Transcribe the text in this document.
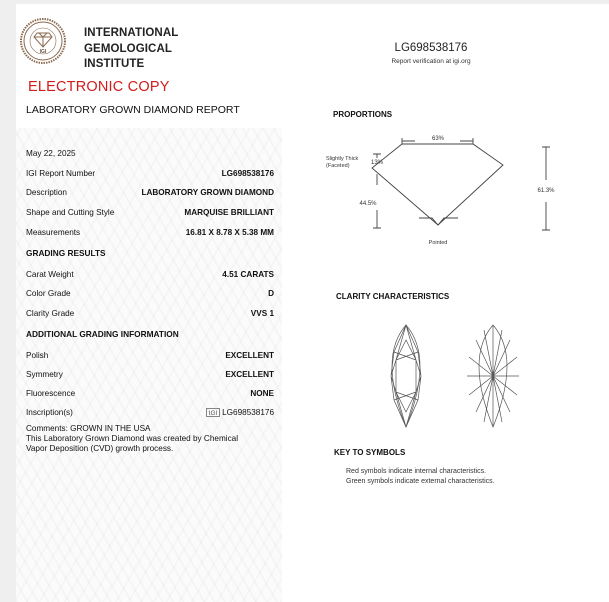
IGI
INTERNATIONAL
GEMOLOGICAL
INSTITUTE
ELECTRONIC COPY
LABORATORY GROWN DIAMOND REPORT
LG698538176
Report verification at igi.org
May 22, 2025
IGI Report Number	LG698538176
Description	LABORATORY GROWN DIAMOND
Shape and Cutting Style	MARQUISE BRILLIANT
Measurements	16.81 X 8.78 X 5.38 MM
GRADING RESULTS
Carat Weight	4.51 CARATS
Color Grade	D
Clarity Grade	VVS 1
ADDITIONAL GRADING INFORMATION
Polish	EXCELLENT
Symmetry	EXCELLENT
Fluorescence	NONE
Inscription(s)	IGI LG698538176
Comments: GROWN IN THE USA
This Laboratory Grown Diamond was created by Chemical
Vapor Deposition (CVD) growth process.
PROPORTIONS
63%
13%
44.5%
61.3%
Slightly Thick
(Faceted)
Pointed
CLARITY CHARACTERISTICS
KEY TO SYMBOLS
Red symbols indicate internal characteristics.
Green symbols indicate external characteristics.
